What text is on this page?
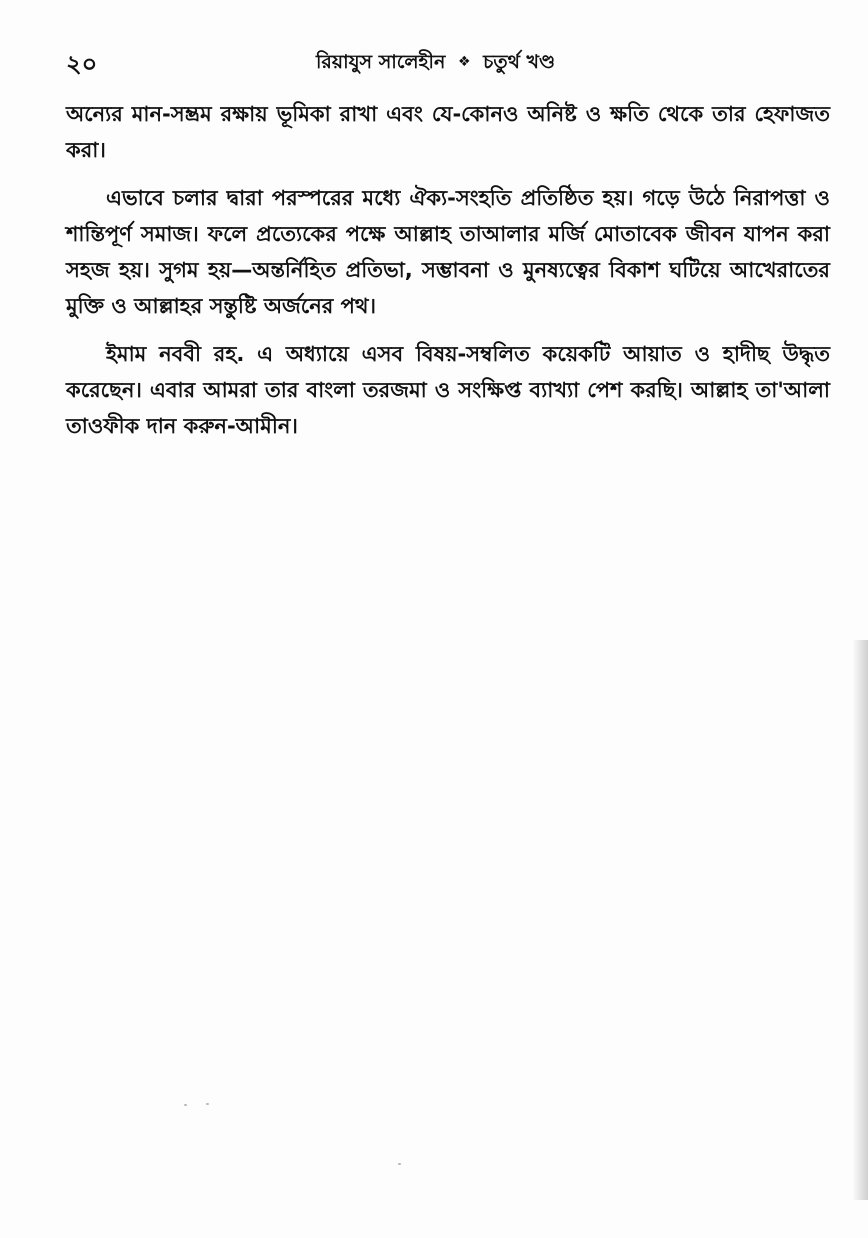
২০	রিয়াযুস সালেহীন ❖ চতুর্থ খণ্ড

অন্যের মান-সম্ভ্রম রক্ষায় ভূমিকা রাখা এবং যে-কোনও অনিষ্ট ও ক্ষতি থেকে তার হেফাজত করা।

এভাবে চলার দ্বারা পরস্পরের মধ্যে ঐক্য-সংহতি প্রতিষ্ঠিত হয়। গড়ে উঠে নিরাপত্তা ও শান্তিপূর্ণ সমাজ। ফলে প্রত্যেকের পক্ষে আল্লাহ তাআলার মর্জি মোতাবেক জীবন যাপন করা সহজ হয়। সুগম হয়—অন্তর্নিহিত প্রতিভা, সম্ভাবনা ও মুনষ্যত্বের বিকাশ ঘটিয়ে আখেরাতের মুক্তি ও আল্লাহর সন্তুষ্টি অর্জনের পথ।

ইমাম নববী রহ. এ অধ্যায়ে এসব বিষয়-সম্বলিত কয়েকটি আয়াত ও হাদীছ উদ্ধৃত করেছেন। এবার আমরা তার বাংলা তরজমা ও সংক্ষিপ্ত ব্যাখ্যা পেশ করছি। আল্লাহ তা'আলা তাওফীক দান করুন-আমীন।
